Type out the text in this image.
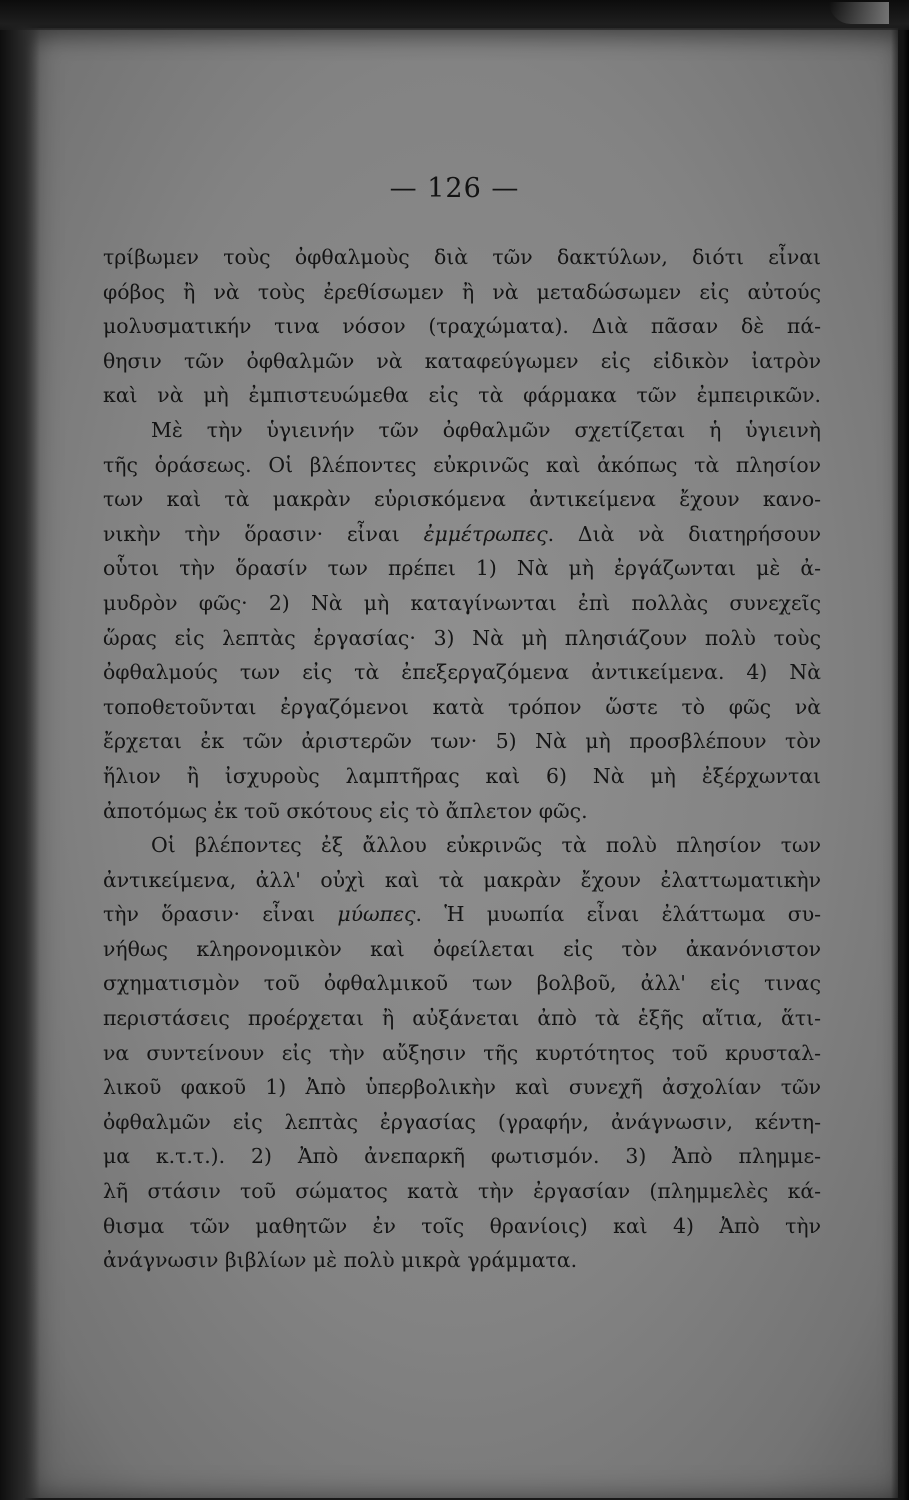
— 126 —
τρίβωμεν τοὺς ὀφθαλμοὺς διὰ τῶν δακτύλων, διότι εἶναι
φόβος ἢ νὰ τοὺς ἐρεθίσωμεν ἢ νὰ μεταδώσωμεν εἰς αὐτούς
μολυσματικήν τινα νόσον (τραχώματα). Διὰ πᾶσαν δὲ πά-
θησιν τῶν ὀφθαλμῶν νὰ καταφεύγωμεν εἰς εἰδικὸν ἰατρὸν
καὶ νὰ μὴ ἐμπιστευώμεθα εἰς τὰ φάρμακα τῶν ἐμπειρικῶν.
Μὲ τὴν ὑγιεινήν τῶν ὀφθαλμῶν σχετίζεται ἡ ὑγιεινὴ
τῆς ὁράσεως. Οἱ βλέποντες εὐκρινῶς καὶ ἀκόπως τὰ πλησίον
των καὶ τὰ μακρὰν εὑρισκόμενα ἀντικείμενα ἔχουν κανο-
νικὴν τὴν ὅρασιν· εἶναι ἐμμέτρωπες. Διὰ νὰ διατηρήσουν
οὗτοι τὴν ὅρασίν των πρέπει 1) Νὰ μὴ ἐργάζωνται μὲ ἀ-
μυδρὸν φῶς· 2) Νὰ μὴ καταγίνωνται ἐπὶ πολλὰς συνεχεῖς
ὥρας εἰς λεπτὰς ἐργασίας· 3) Νὰ μὴ πλησιάζουν πολὺ τοὺς
ὀφθαλμούς των εἰς τὰ ἐπεξεργαζόμενα ἀντικείμενα. 4) Νὰ
τοποθετοῦνται ἐργαζόμενοι κατὰ τρόπον ὥστε τὸ φῶς νὰ
ἔρχεται ἐκ τῶν ἀριστερῶν των· 5) Νὰ μὴ προσβλέπουν τὸν
ἥλιον ἢ ἰσχυροὺς λαμπτῆρας καὶ 6) Νὰ μὴ ἐξέρχωνται
ἀποτόμως ἐκ τοῦ σκότους εἰς τὸ ἄπλετον φῶς.
Οἱ βλέποντες ἐξ ἄλλου εὐκρινῶς τὰ πολὺ πλησίον των
ἀντικείμενα, ἀλλ' οὐχὶ καὶ τὰ μακρὰν ἔχουν ἐλαττωματικὴν
τὴν ὅρασιν· εἶναι μύωπες. Ἡ μυωπία εἶναι ἐλάττωμα συ-
νήθως κληρονομικὸν καὶ ὀφείλεται εἰς τὸν ἀκανόνιστον
σχηματισμὸν τοῦ ὀφθαλμικοῦ των βολβοῦ, ἀλλ' εἰς τινας
περιστάσεις προέρχεται ἢ αὐξάνεται ἀπὸ τὰ ἑξῆς αἴτια, ἅτι-
να συντείνουν εἰς τὴν αὔξησιν τῆς κυρτότητος τοῦ κρυσταλ-
λικοῦ φακοῦ 1) Ἀπὸ ὑπερβολικὴν καὶ συνεχῆ ἀσχολίαν τῶν
ὀφθαλμῶν εἰς λεπτὰς ἐργασίας (γραφήν, ἀνάγνωσιν, κέντη-
μα κ.τ.τ.). 2) Ἀπὸ ἀνεπαρκῆ φωτισμόν. 3) Ἀπὸ πλημμε-
λῆ στάσιν τοῦ σώματος κατὰ τὴν ἐργασίαν (πλημμελὲς κά-
θισμα τῶν μαθητῶν ἐν τοῖς θρανίοις) καὶ 4) Ἀπὸ τὴν
ἀνάγνωσιν βιβλίων μὲ πολὺ μικρὰ γράμματα.
